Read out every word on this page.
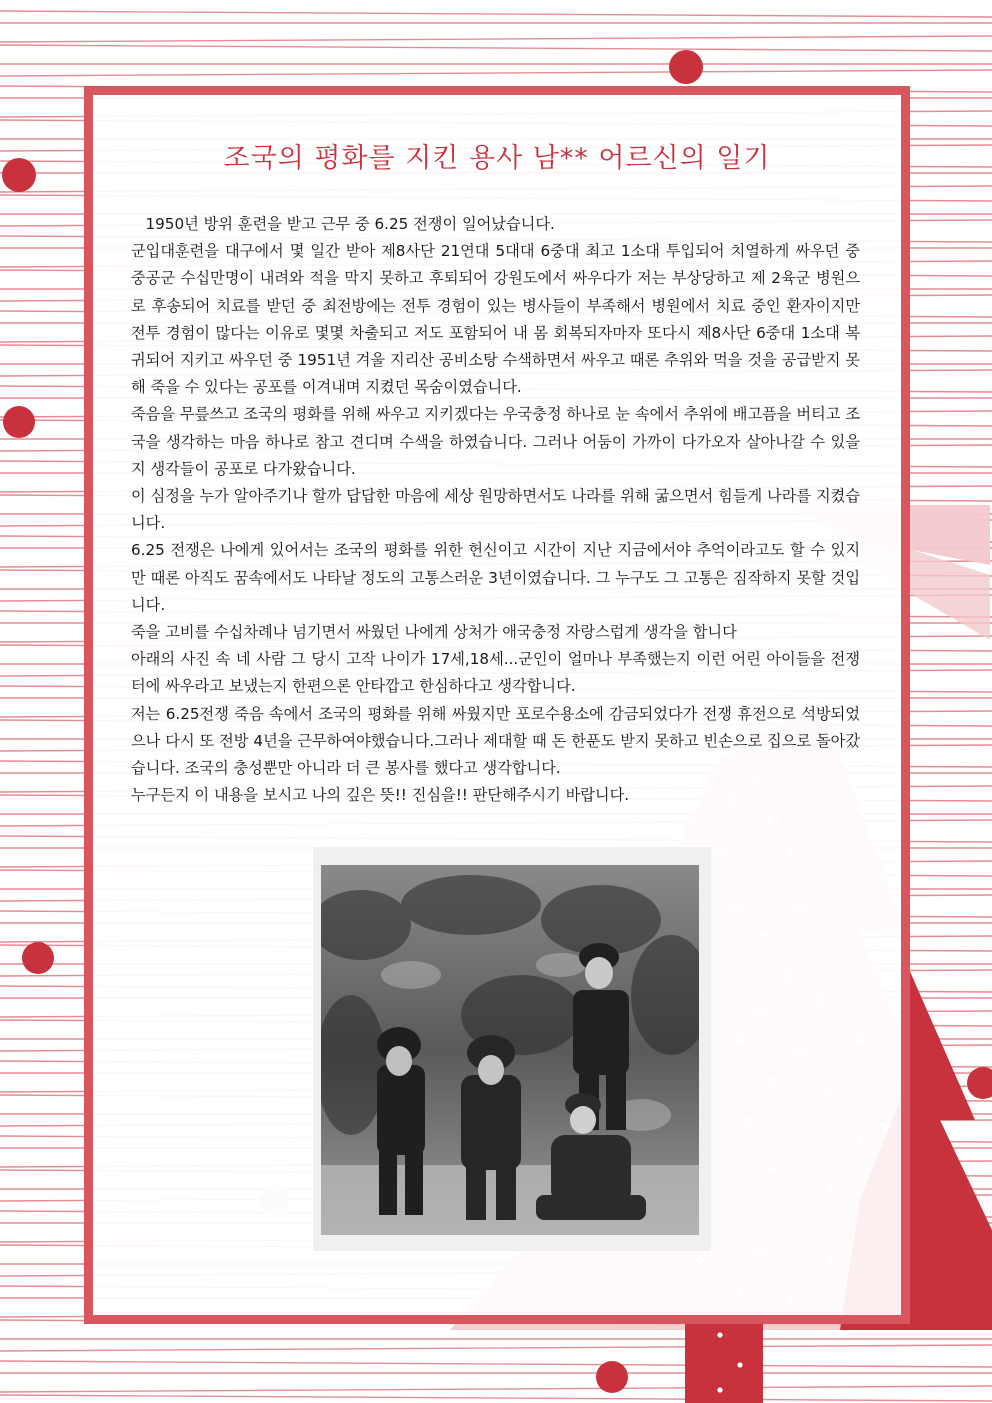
조국의 평화를 지킨 용사 남** 어르신의 일기

1950년 방위 훈련을 받고 근무 중 6.25 전쟁이 일어났습니다.

군입대훈련을 대구에서 몇 일간 받아 제8사단 21연대 5대대 6중대 최고 1소대 투입되어 치열하게 싸우던 중 중공군 수십만명이 내려와 적을 막지 못하고 후퇴되어 강원도에서 싸우다가 저는 부상당하고 제 2육군 병원으로 후송되어 치료를 받던 중 최전방에는 전투 경험이 있는 병사들이 부족해서 병원에서 치료 중인 환자이지만 전투 경험이 많다는 이유로 몇몇 차출되고 저도 포함되어 내 몸 회복되자마자 또다시 제8사단 6중대 1소대 복귀되어 지키고 싸우던 중 1951년 겨울 지리산 공비소탕 수색하면서 싸우고 때론 추위와 먹을 것을 공급받지 못해 죽을 수 있다는 공포를 이겨내며 지켰던 목숨이였습니다.

죽음을 무릎쓰고 조국의 평화를 위해 싸우고 지키겠다는 우국충정 하나로 눈 속에서 추위에 배고픔을 버티고 조국을 생각하는 마음 하나로 참고 견디며 수색을 하였습니다. 그러나 어둠이 가까이 다가오자 살아나갈 수 있을지 생각들이 공포로 다가왔습니다.

이 심정을 누가 알아주기나 할까 답답한 마음에 세상 원망하면서도 나라를 위해 굶으면서 힘들게 나라를 지켰습니다.

6.25 전쟁은 나에게 있어서는 조국의 평화를 위한 헌신이고 시간이 지난 지금에서야 추억이라고도 할 수 있지만 때론 아직도 꿈속에서도 나타날 정도의 고통스러운 3년이였습니다. 그 누구도 그 고통은 짐작하지 못할 것입니다.

죽을 고비를 수십차례나 넘기면서 싸웠던 나에게 상처가 애국충정 자랑스럽게 생각을 합니다

아래의 사진 속 네 사람 그 당시 고작 나이가 17세,18세...군인이 얼마나 부족했는지 이런 어린 아이들을 전쟁터에 싸우라고 보냈는지 한편으론 안타깝고 한심하다고 생각합니다.

저는 6.25전쟁 죽음 속에서 조국의 평화를 위해 싸웠지만 포로수용소에 감금되었다가 전쟁 휴전으로 석방되었으나 다시 또 전방 4년을 근무하여야했습니다.그러나 제대할 때 돈 한푼도 받지 못하고 빈손으로 집으로 돌아갔습니다. 조국의 충성뿐만 아니라 더 큰 봉사를 했다고 생각합니다.

누구든지 이 내용을 보시고 나의 깊은 뜻!! 진심을!! 판단해주시기 바랍니다.
